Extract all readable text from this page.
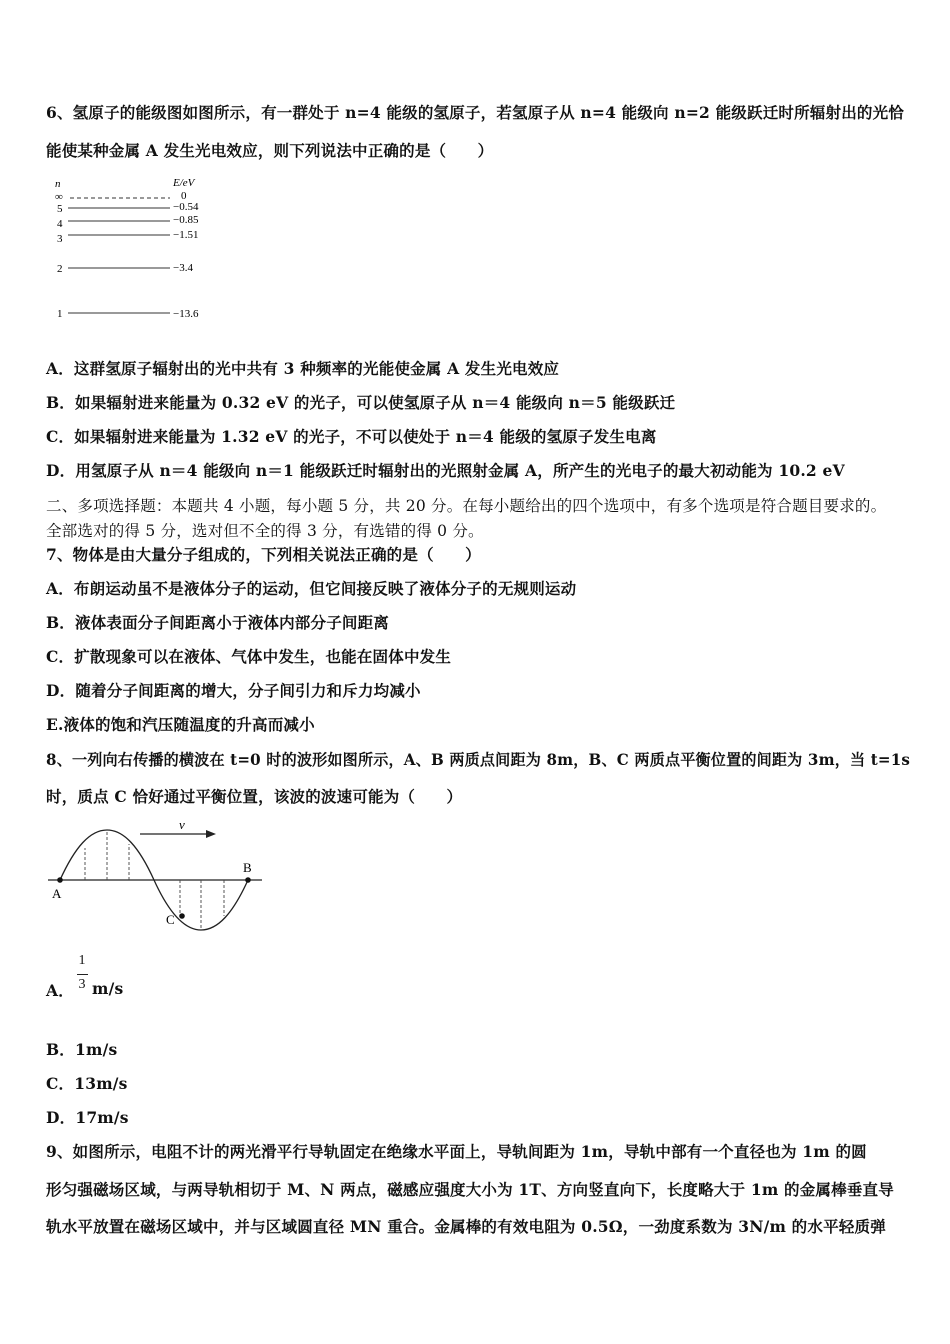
6、氢原子的能级图如图所示，有一群处于 n=4 能级的氢原子，若氢原子从 n=4 能级向 n=2 能级跃迁时所辐射出的光恰
能使某种金属 A 发生光电效应，则下列说法中正确的是（　　）
n	E/eV
∞	0
5	−0.54
4	−0.85
3	−1.51
2	−3.4
1	−13.6
A．这群氢原子辐射出的光中共有 3 种频率的光能使金属 A 发生光电效应
B．如果辐射进来能量为 0.32 eV 的光子，可以使氢原子从 n＝4 能级向 n＝5 能级跃迁
C．如果辐射进来能量为 1.32 eV 的光子，不可以使处于 n＝4 能级的氢原子发生电离
D．用氢原子从 n＝4 能级向 n＝1 能级跃迁时辐射出的光照射金属 A，所产生的光电子的最大初动能为 10.2 eV
二、多项选择题：本题共 4 小题，每小题 5 分，共 20 分。在每小题给出的四个选项中，有多个选项是符合题目要求的。
全部选对的得 5 分，选对但不全的得 3 分，有选错的得 0 分。
7、物体是由大量分子组成的，下列相关说法正确的是（　　）
A．布朗运动虽不是液体分子的运动，但它间接反映了液体分子的无规则运动
B．液体表面分子间距离小于液体内部分子间距离
C．扩散现象可以在液体、气体中发生，也能在固体中发生
D．随着分子间距离的增大，分子间引力和斥力均减小
E.液体的饱和汽压随温度的升高而减小
8、一列向右传播的横波在 t=0 时的波形如图所示，A、B 两质点间距为 8m，B、C 两质点平衡位置的间距为 3m，当 t=1s
时，质点 C 恰好通过平衡位置，该波的波速可能为（　　）
v
A
B
C
A．
1
3 m/s
B．1m/s
C．13m/s
D．17m/s
9、如图所示，电阻不计的两光滑平行导轨固定在绝缘水平面上，导轨间距为 1m，导轨中部有一个直径也为 1m 的圆
形匀强磁场区域，与两导轨相切于 M、N 两点，磁感应强度大小为 1T、方向竖直向下，长度略大于 1m 的金属棒垂直导
轨水平放置在磁场区域中，并与区域圆直径 MN 重合。金属棒的有效电阻为 0.5Ω，一劲度系数为 3N/m 的水平轻质弹
